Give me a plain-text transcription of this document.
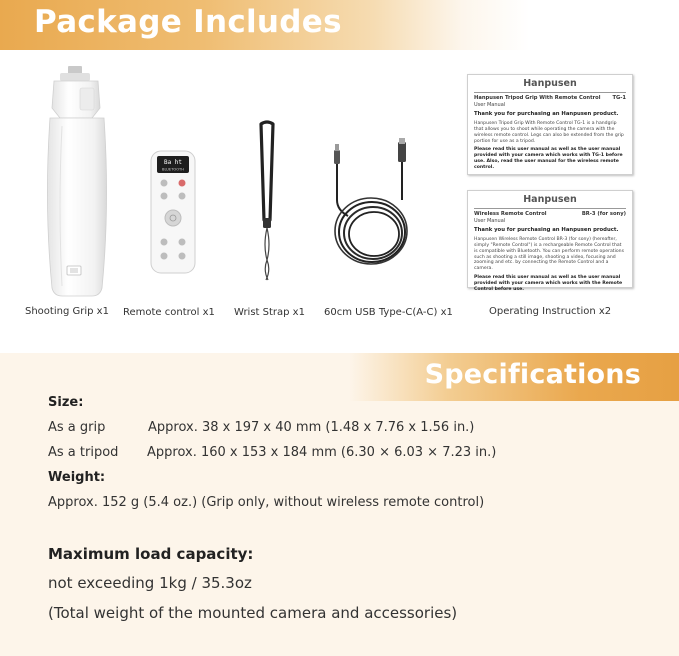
Package Includes
Shooting Grip x1
Ba ht
BLUETOOTH
Remote control x1 Wrist Strap x1 60cm USB Type-C(A-C) x1
Hanpusen
Hanpusen Tripod Grip With Remote Control TG-1
User Manual
Thank you for purchasing an Hanpusen product.
Hanpusen Tripod Grip With Remote Control TG-1 is a handgrip that allows you to shoot while operating the camera with the wireless remote control. Legs can also be extended from the grip portion for use as a tripod.
Please read this user manual as well as the user manual provided with your camera which works with TG-1 before use. Also, read the user manual for the wireless remote control.
Hanpusen
Wireless Remote Control	BR-3 (for sony)
User Manual
Thank you for purchasing an Hanpusen product.
Hanpusen Wireless Remote Control BR-3 (for sony) (hereafter, simply "Remote Control") is a rechargeable Remote Control that is compatible with Bluetooth. You can perform remote operations such as shooting a still image, shooting a video, focusing and zooming and etc. by connecting the Remote Control and a camera.
Please read this user manual as well as the user manual provided with your camera which works with the Remote Control before use.
Operating Instruction x2
Specifications
Size:
As a grip	Approx. 38 x 197 x 40 mm (1.48 x 7.76 x 1.56 in.)
As a tripod Approx. 160 x 153 x 184 mm (6.30 × 6.03 × 7.23 in.)
Weight:
Approx. 152 g (5.4 oz.) (Grip only, without wireless remote control)
Maximum load capacity:
not exceeding 1kg / 35.3oz
(Total weight of the mounted camera and accessories)
